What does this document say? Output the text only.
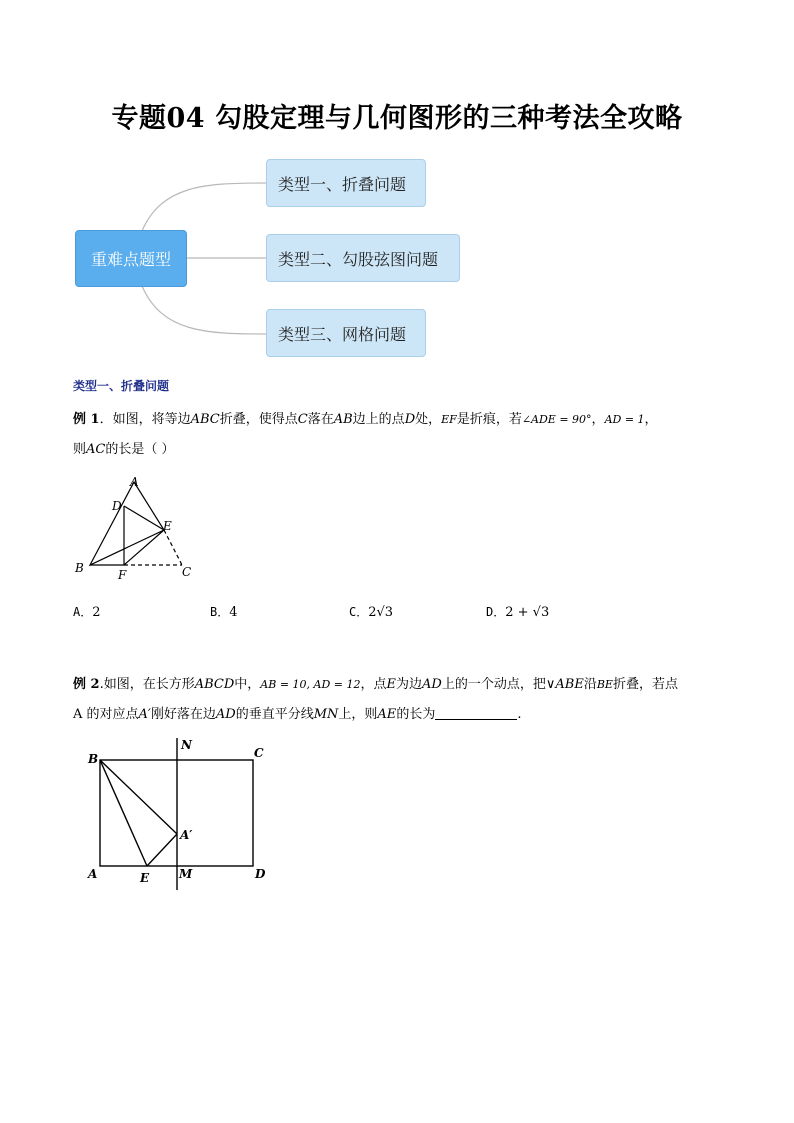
专题04 勾股定理与几何图形的三种考法全攻略
重难点题型
类型一、折叠问题
类型二、勾股弦图问题
类型三、网格问题
类型一、折叠问题
例 1．如图，将等边ABC折叠，使得点C落在AB边上的点D处，EF是折痕，若∠ADE = 90°，AD = 1，
则AC的长是（ ）
A
D
E
B	F	C
A．2	B．4	C．2√3	D．2 + √3
例 2.如图，在长方形ABCD中，AB = 10, AD = 12，点E为边AD上的一个动点，把∨ABE沿BE折叠，若点
A 的对应点A′刚好落在边AD的垂直平分线MN上，则AE的长为	.
B
N
C
A′
A	E M	D
